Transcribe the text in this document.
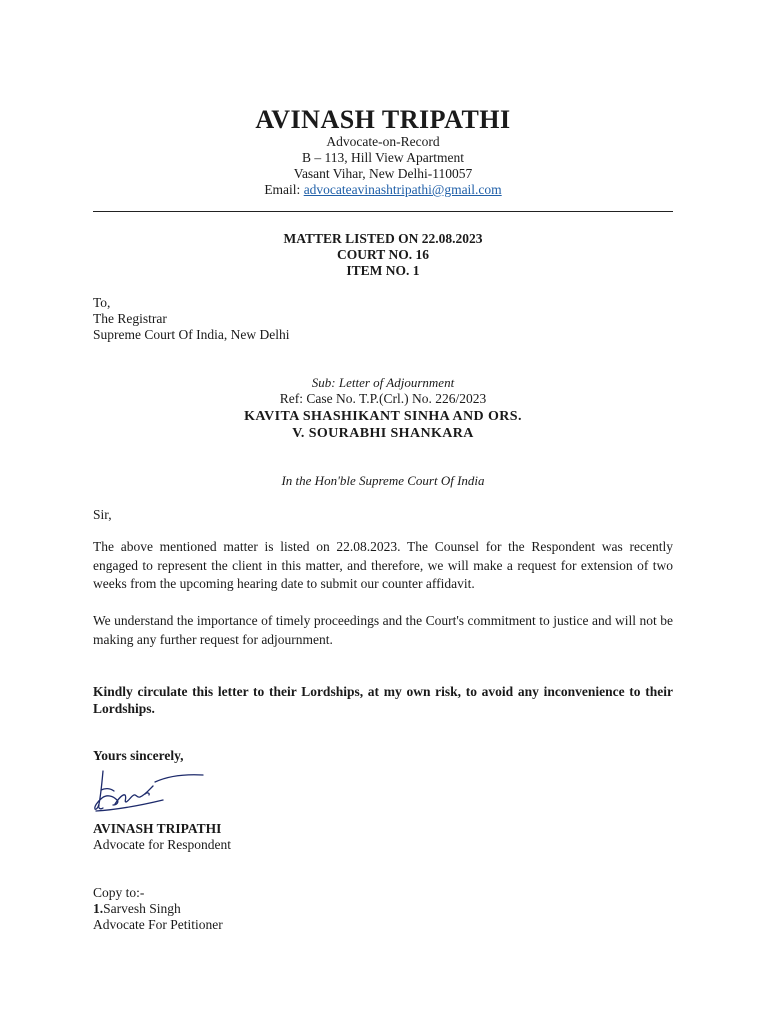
AVINASH TRIPATHI
Advocate-on-Record
B – 113, Hill View Apartment
Vasant Vihar, New Delhi-110057
Email: advocateavinashtripathi@gmail.com
MATTER LISTED ON 22.08.2023
COURT NO. 16
ITEM NO. 1
To,
The Registrar
Supreme Court Of India, New Delhi
Sub: Letter of Adjournment
Ref: Case No. T.P.(Crl.) No. 226/2023
KAVITA SHASHIKANT SINHA AND ORS.
V. SOURABHI SHANKARA
In the Hon'ble Supreme Court Of India
Sir,
The above mentioned matter is listed on 22.08.2023. The Counsel for the Respondent was recently engaged to represent the client in this matter, and therefore, we will make a request for extension of two weeks from the upcoming hearing date to submit our counter affidavit.
We understand the importance of timely proceedings and the Court's commitment to justice and will not be making any further request for adjournment.
Kindly circulate this letter to their Lordships, at my own risk, to avoid any inconvenience to their Lordships.
Yours sincerely,
AVINASH TRIPATHI
Advocate for Respondent
Copy to:-
1.Sarvesh Singh
Advocate For Petitioner
